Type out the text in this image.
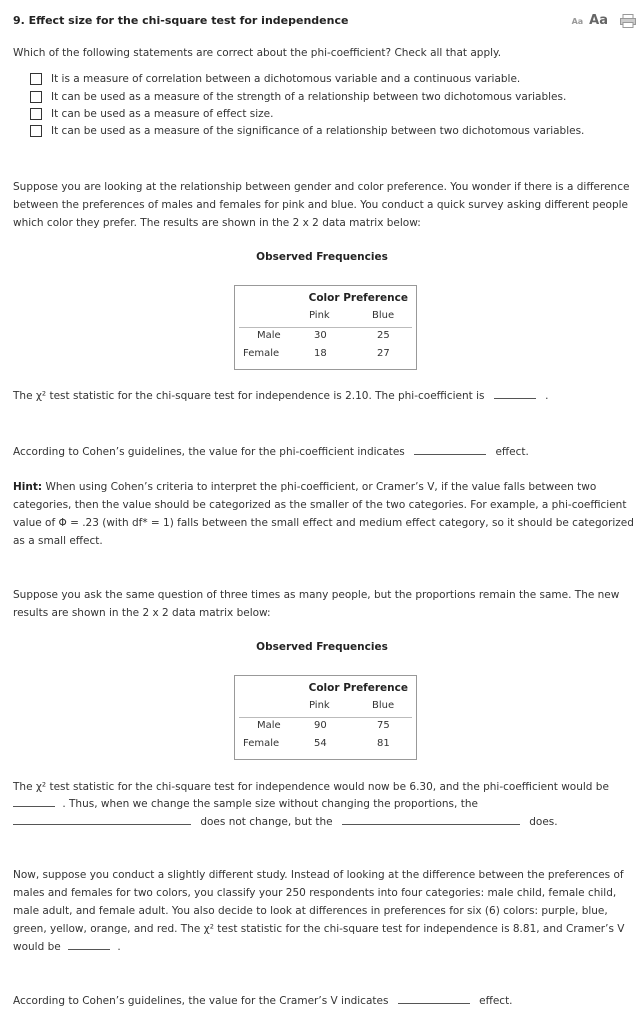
9. Effect size for the chi-square test for independence	Aa Aa
Which of the following statements are correct about the phi-coefficient? Check all that apply.
It is a measure of correlation between a dichotomous variable and a continuous variable.
It can be used as a measure of the strength of a relationship between two dichotomous variables.
It can be used as a measure of effect size.
It can be used as a measure of the significance of a relationship between two dichotomous variables.
Suppose you are looking at the relationship between gender and color preference. You wonder if there is a difference between the preferences of males and females for pink and blue. You conduct a quick survey asking different people which color they prefer. The results are shown in the 2 x 2 data matrix below:
Observed Frequencies
Color Preference
Pink	Blue
Male	30	25
Female	18	27
The χ² test statistic for the chi-square test for independence is 2.10. The phi-coefficient is	.
According to Cohen’s guidelines, the value for the phi-coefficient indicates	effect.
Hint: When using Cohen’s criteria to interpret the phi-coefficient, or Cramer’s V, if the value falls between two categories, then the value should be categorized as the smaller of the two categories. For example, a phi-coefficient value of Φ = .23 (with df* = 1) falls between the small effect and medium effect category, so it should be categorized as a small effect.
Suppose you ask the same question of three times as many people, but the proportions remain the same. The new results are shown in the 2 x 2 data matrix below:
Observed Frequencies
Color Preference
Pink	Blue
Male	90	75
Female	54	81
The χ² test statistic for the chi-square test for independence would now be 6.30, and the phi-coefficient would be
. Thus, when we change the sample size without changing the proportions, the
does not change, but the	does.
Now, suppose you conduct a slightly different study. Instead of looking at the difference between the preferences of males and females for two colors, you classify your 250 respondents into four categories: male child, female child, male adult, and female adult. You also decide to look at differences in preferences for six (6) colors: purple, blue, green, yellow, orange, and red. The χ² test statistic for the chi-square test for independence is 8.81, and Cramer’s V would be	.
According to Cohen’s guidelines, the value for the Cramer’s V indicates	effect.
